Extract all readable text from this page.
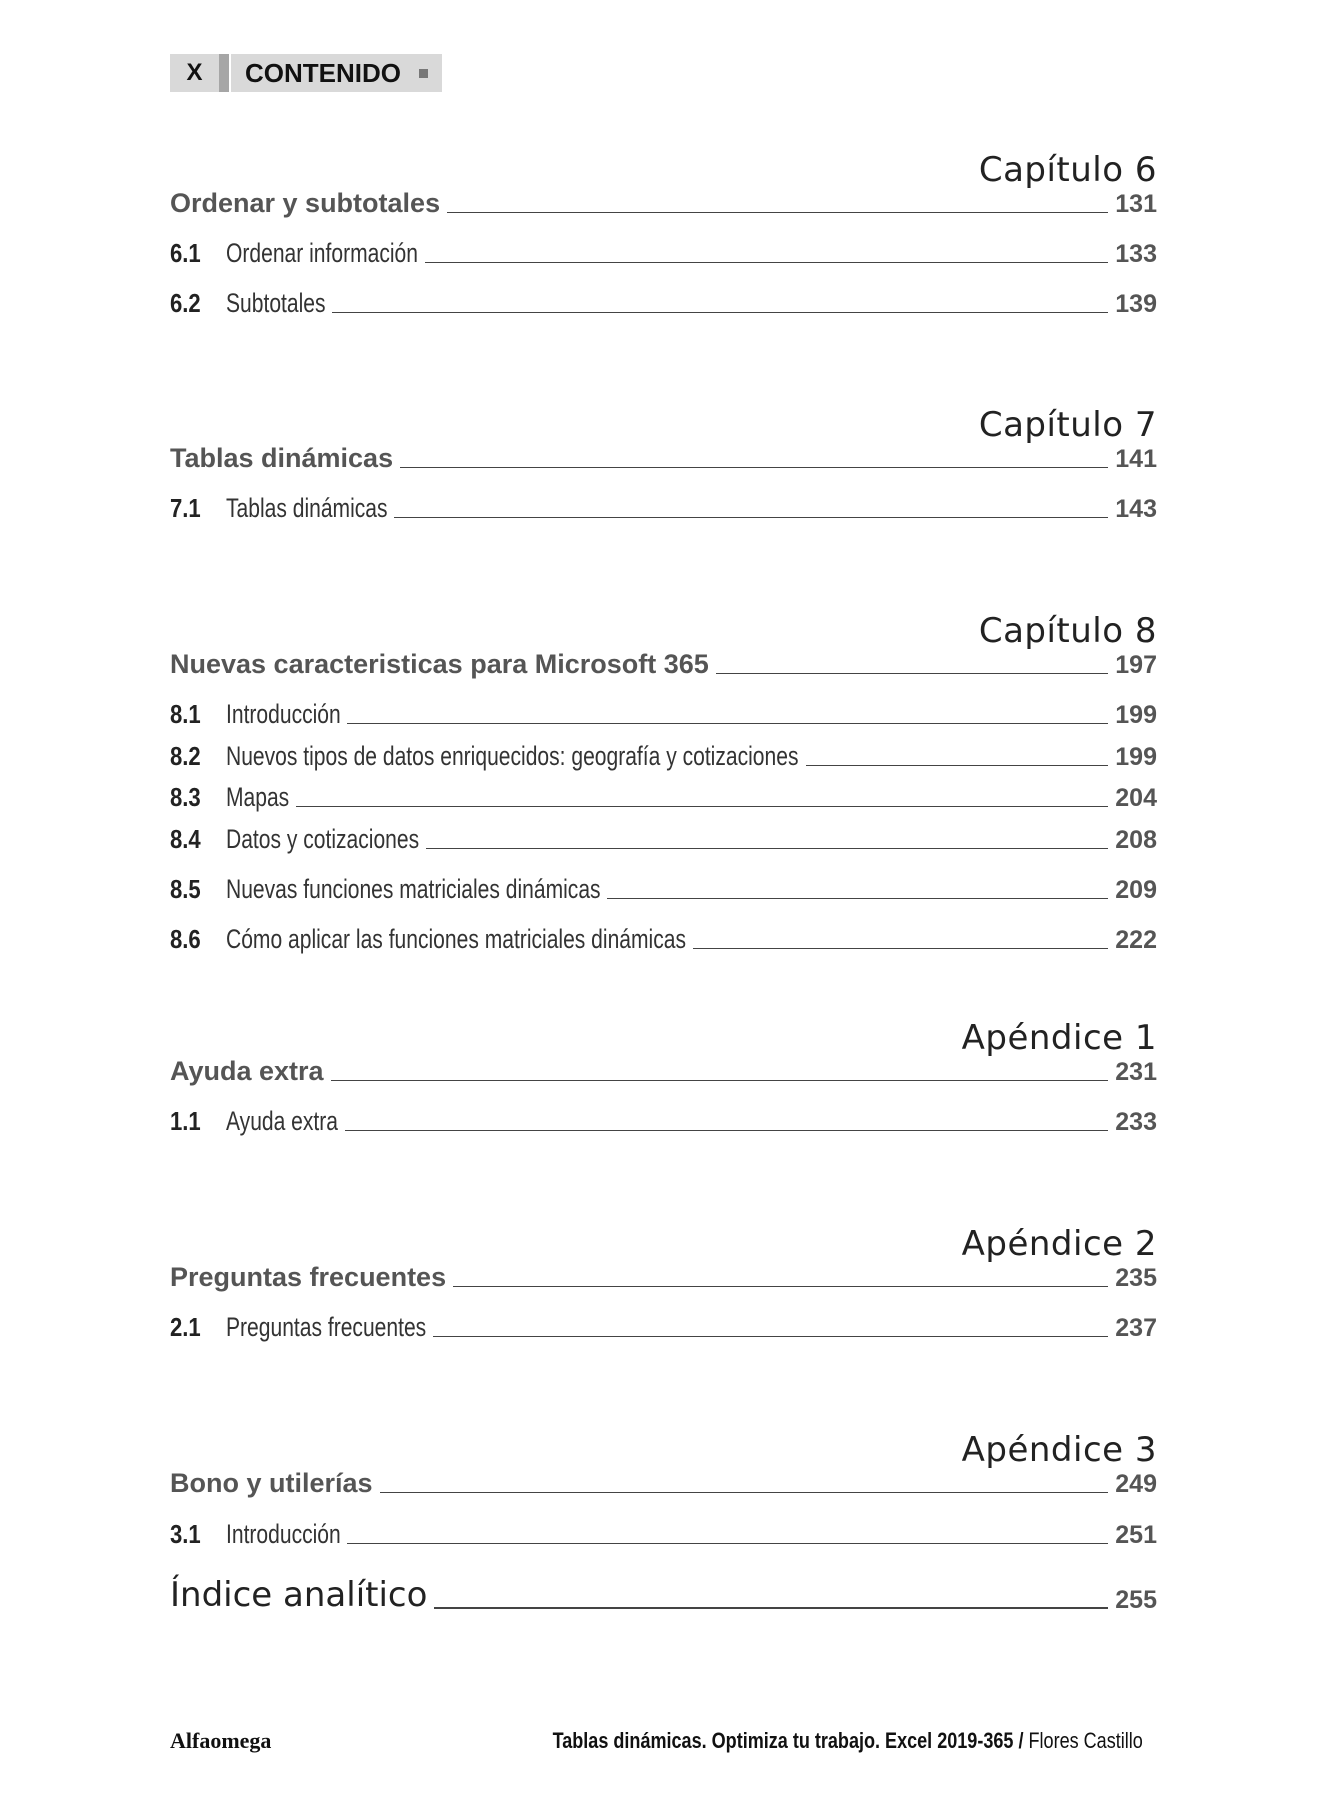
X	CONTENIDO
Capítulo 6
Ordenar y subtotales	131
6.1 Ordenar información	133
6.2 Subtotales	139
Capítulo 7
Tablas dinámicas	141
7.1 Tablas dinámicas	143
Capítulo 8
Nuevas caracteristicas para Microsoft 365	197
8.1 Introducción	199
8.2 Nuevos tipos de datos enriquecidos: geografía y cotizaciones	199
8.3 Mapas	204
8.4 Datos y cotizaciones	208
8.5 Nuevas funciones matriciales dinámicas	209
8.6 Cómo aplicar las funciones matriciales dinámicas	222
Apéndice 1
Ayuda extra	231
1.1 Ayuda extra	233
Apéndice 2
Preguntas frecuentes	235
2.1 Preguntas frecuentes	237
Apéndice 3
Bono y utilerías	249
3.1 Introducción	251
Índice analítico	255
Alfaomega	Tablas dinámicas. Optimiza tu trabajo. Excel 2019-365 / Flores Castillo
